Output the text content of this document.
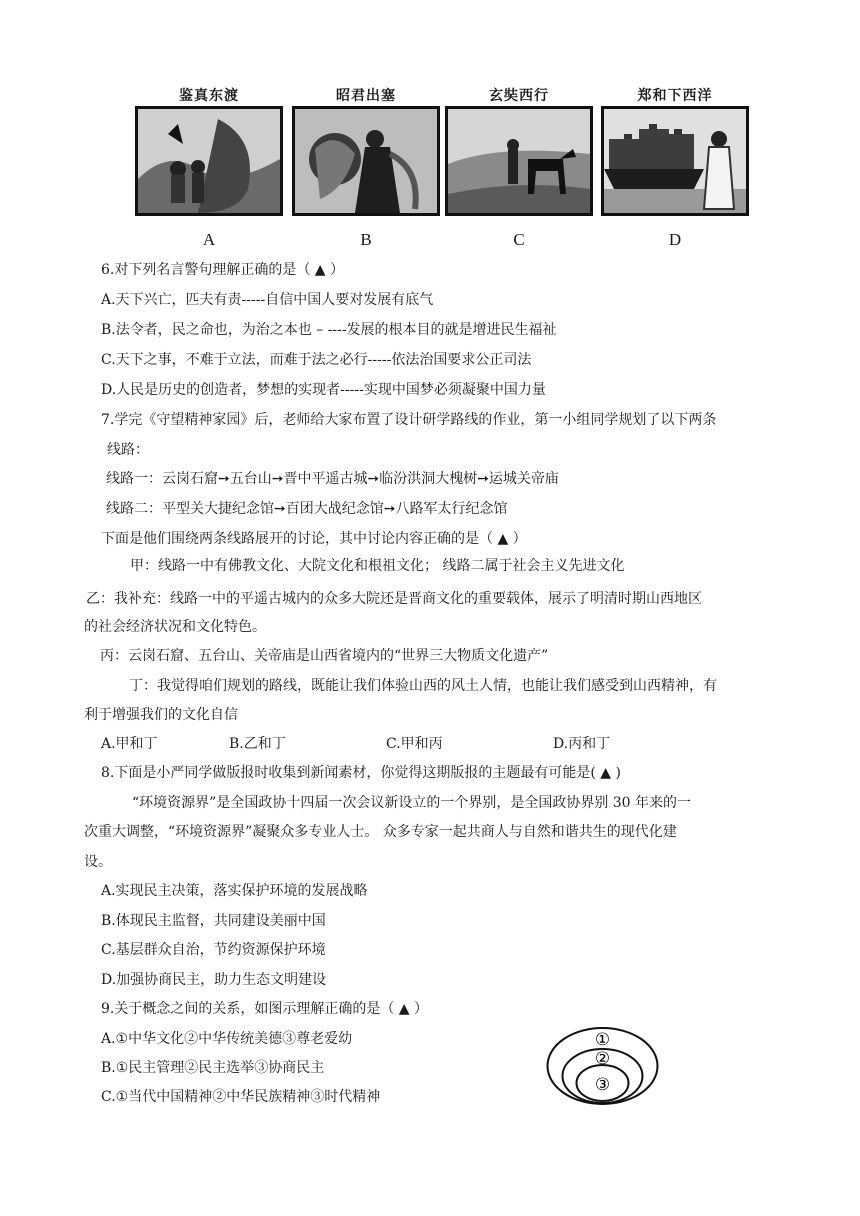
鉴真东渡
A
昭君出塞
B
玄奘西行
C
郑和下西洋
D
6.对下列名言警句理解正确的是（ ▲ ）
A.天下兴亡，匹夫有责-----自信中国人要对发展有底气
B.法令者，民之命也，为治之本也 – ----发展的根本目的就是增进民生福祉
C.天下之事，不难于立法，而难于法之必行-----依法治国要求公正司法
D.人民是历史的创造者，梦想的实现者-----实现中国梦必须凝聚中国力量
7.学完《守望精神家园》后，老师给大家布置了设计研学路线的作业，第一小组同学规划了以下两条
线路：
线路一：云岗石窟➙五台山➙晋中平遥古城➙临汾洪洞大槐树➙运城关帝庙
线路二：平型关大捷纪念馆➙百团大战纪念馆➙八路军太行纪念馆
下面是他们围绕两条线路展开的讨论，其中讨论内容正确的是（ ▲ ）
甲：线路一中有佛教文化、大院文化和根祖文化； 线路二属于社会主义先进文化
乙：我补充：线路一中的平遥古城内的众多大院还是晋商文化的重要载体，展示了明清时期山西地区
的社会经济状况和文化特色。
丙：云岗石窟、五台山、关帝庙是山西省境内的“世界三大物质文化遗产”
丁：我觉得咱们规划的路线，既能让我们体验山西的风土人情，也能让我们感受到山西精神，有
利于增强我们的文化自信
A.甲和丁	B.乙和丁	C.甲和丙	D.丙和丁
8.下面是小严同学做版报时收集到新闻素材，你觉得这期版报的主题最有可能是( ▲ )
“环境资源界”是全国政协十四届一次会议新设立的一个界别，是全国政协界别 30 年来的一
次重大调整，“环境资源界”凝聚众多专业人士。 众多专家一起共商人与自然和谐共生的现代化建
设。
A.实现民主决策，落实保护环境的发展战略
B.体现民主监督，共同建设美丽中国
C.基层群众自治，节约资源保护环境
D.加强协商民主，助力生态文明建设
9.关于概念之间的关系，如图示理解正确的是（ ▲ ）
A.①中华文化②中华传统美德③尊老爱幼
B.①民主管理②民主选举③协商民主
C.①当代中国精神②中华民族精神③时代精神
①
②
③
